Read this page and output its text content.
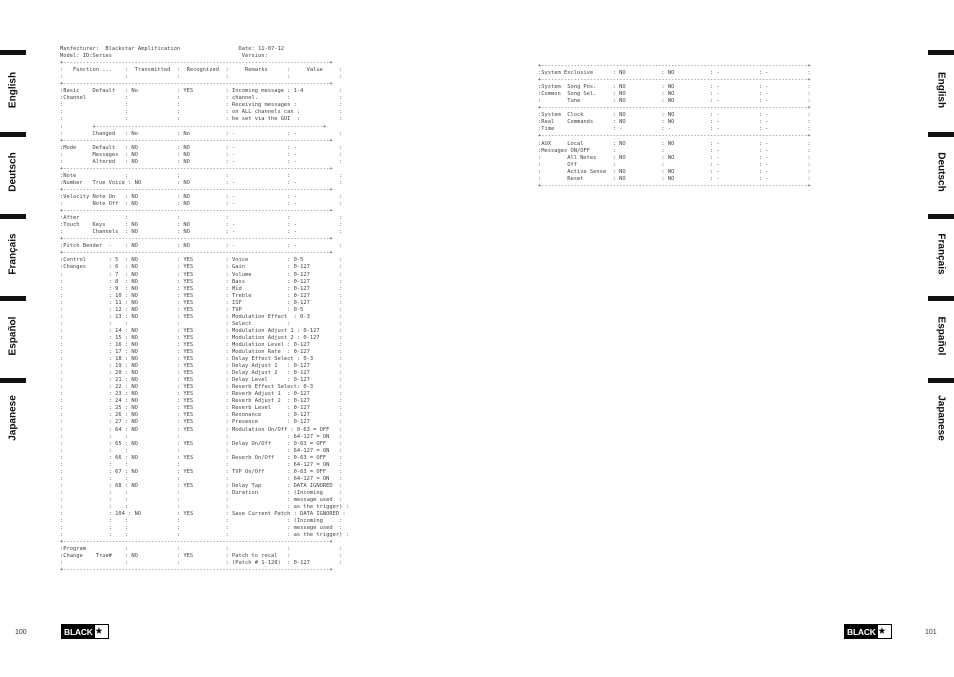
English
Deutsch
Français
Español
Japanese
English
Deutsch
Français
Español
Japanese
Manfecturer:  Blackstar Amplification                  Date: 11-07-12
Model: ID:Series                                        Version:
+----------------------------------------------------------------------------------+
:   Function ...    :  Transmitted  :  Recognized  :     Remarks      :     Value     :
:                   :               :              :                  :               :
+----------------------------------------------------------------------------------+
:Basic    Default   : No            : YES          : Incoming message : 1-4           :
:Channel            :               :              : channel.         :               :
:                   :               :              : Receiving messages :             :
:                   :               :              : on ALL channels can :            :
:                   :               :              : be set via the GUI  :            :
:         +----------------------------------------------------------------------+
:         Changed   : No            : No           : -                : -             :
+----------------------------------------------------------------------------------+
:Mode     Default   : NO            : NO           : -                : -             :
:         Messages  : NO            : NO           : -                : -             :
:         Altered   : NO            : NO           : -                : -             :
+----------------------------------------------------------------------------------+
:Note               :               :              :                  :               :
:Number   True Voice : NO           : NO           : -                : -             :
+----------------------------------------------------------------------------------+
:Velocity Note On   : NO            : NO           : -                : -             :
:         Note Off  : NO            : NO           : -                : -             :
+----------------------------------------------------------------------------------+
:After              :               :              :                  :               :
:Touch    Keys      : NO            : NO           : -                : -             :
:         Channels  : NO            : NO           : -                : -             :
+----------------------------------------------------------------------------------+
:Pitch Bender  -    : NO            : NO           : -                : -             :
+----------------------------------------------------------------------------------+
:Control       : 5  : NO            : YES          : Voice            : 0-5           :
:Changes       : 6  : NO            : YES          : Gain             : 0-127         :
:              : 7  : NO            : YES          : Volume           : 0-127         :
:              : 8  : NO            : YES          : Bass             : 0-127         :
:              : 9  : NO            : YES          : Mid              : 0-127         :
:              : 10 : NO            : YES          : Treble           : 0-127         :
:              : 11 : NO            : YES          : ISF              : 0-127         :
:              : 12 : NO            : YES          : TVP              : 0-5           :
:              : 13 : NO            : YES          : Modulation Effect  : 0-3         :
:              :    :               :              : Select           :               :
:              : 14 : NO            : YES          : Modulation Adjust 1 : 0-127      :
:              : 15 : NO            : YES          : Modulation Adjust 2 : 0-127      :
:              : 16 : NO            : YES          : Modulation Level : 0-127         :
:              : 17 : NO            : YES          : Modulation Rate  : 0-127         :
:              : 18 : NO            : YES          : Delay Effect Select : 0-3        :
:              : 19 : NO            : YES          : Delay Adjust 1   : 0-127         :
:              : 20 : NO            : YES          : Delay Adjust 2   : 0-127         :
:              : 21 : NO            : YES          : Delay Level      : 0-127         :
:              : 22 : NO            : YES          : Reverb Effect Select: 0-3        :
:              : 23 : NO            : YES          : Reverb Adjust 1  : 0-127         :
:              : 24 : NO            : YES          : Reverb Adjust 2  : 0-127         :
:              : 25 : NO            : YES          : Reverb Level     : 0-127         :
:              : 26 : NO            : YES          : Resonance        : 0-127         :
:              : 27 : NO            : YES          : Presence         : 0-127         :
:              : 64 : NO            : YES          : Modulation On/Off : 0-63 = OFF   :
:              :    :               :              :                  : 64-127 = ON   :
:              : 65 : NO            : YES          : Delay On/Off     : 0-63 = OFF    :
:              :    :               :              :                  : 64-127 = ON   :
:              : 66 : NO            : YES          : Reverb On/Off    : 0-63 = OFF    :
:              :    :               :              :                  : 64-127 = ON   :
:              : 67 : NO            : YES          : TVP On/Off       : 0-63 = OFF    :
:              :    :               :              :                  : 64-127 = ON   :
:              : 68 : NO            : YES          : Delay Tap        : DATA IGNORED  :
:              :    :               :              : Duration         : (Incoming     :
:              :    :               :              :                  : message used  :
:              :    :               :              :                  : as the trigger) :
:              : 104 : NO           : YES          : Save Current Patch : DATA IGNORED :
:              :    :               :              :                  : (Incoming     :
:              :    :               :              :                  : message used  :
:              :    :               :              :                  : as the trigger) :
+----------------------------------------------------------------------------------+
:Program            :               :              :                  :               :
:Change    True#    : NO            : YES          : Patch to recal   :               :
:                   :               :              : (Patch # 1-128)  : 0-127         :
+----------------------------------------------------------------------------------+
+----------------------------------------------------------------------------------+
:System Exclusive      : NO           : NO           : -            : -            :
+----------------------------------------------------------------------------------+
:System  Song Pos.     : NO           : NO           : -            : -            :
:Common  Song Sel.     : NO           : NO           : -            : -            :
:        Tune          : NO           : NO           : -            : -            :
+----------------------------------------------------------------------------------+
:System  Clock         : NO           : NO           : -            : -            :
:Real    Commands      : NO           : NO           : -            : -            :
:Time                  : -            : -            : -            : -            :
+----------------------------------------------------------------------------------+
:AUX     Local         : NO           : NO           : -            : -            :
:Messages ON/OFF       :              :              : -            : -            :
:        All Notes     : NO           : NO           : -            : -            :
:        Off           :              :              : -            : -            :
:        Active Sense  : NO           : NO           : -            : -            :
:        Reset         : NO           : NO           : -            : -            :
+----------------------------------------------------------------------------------+
100	101
BLACK
★	BLACK
★
